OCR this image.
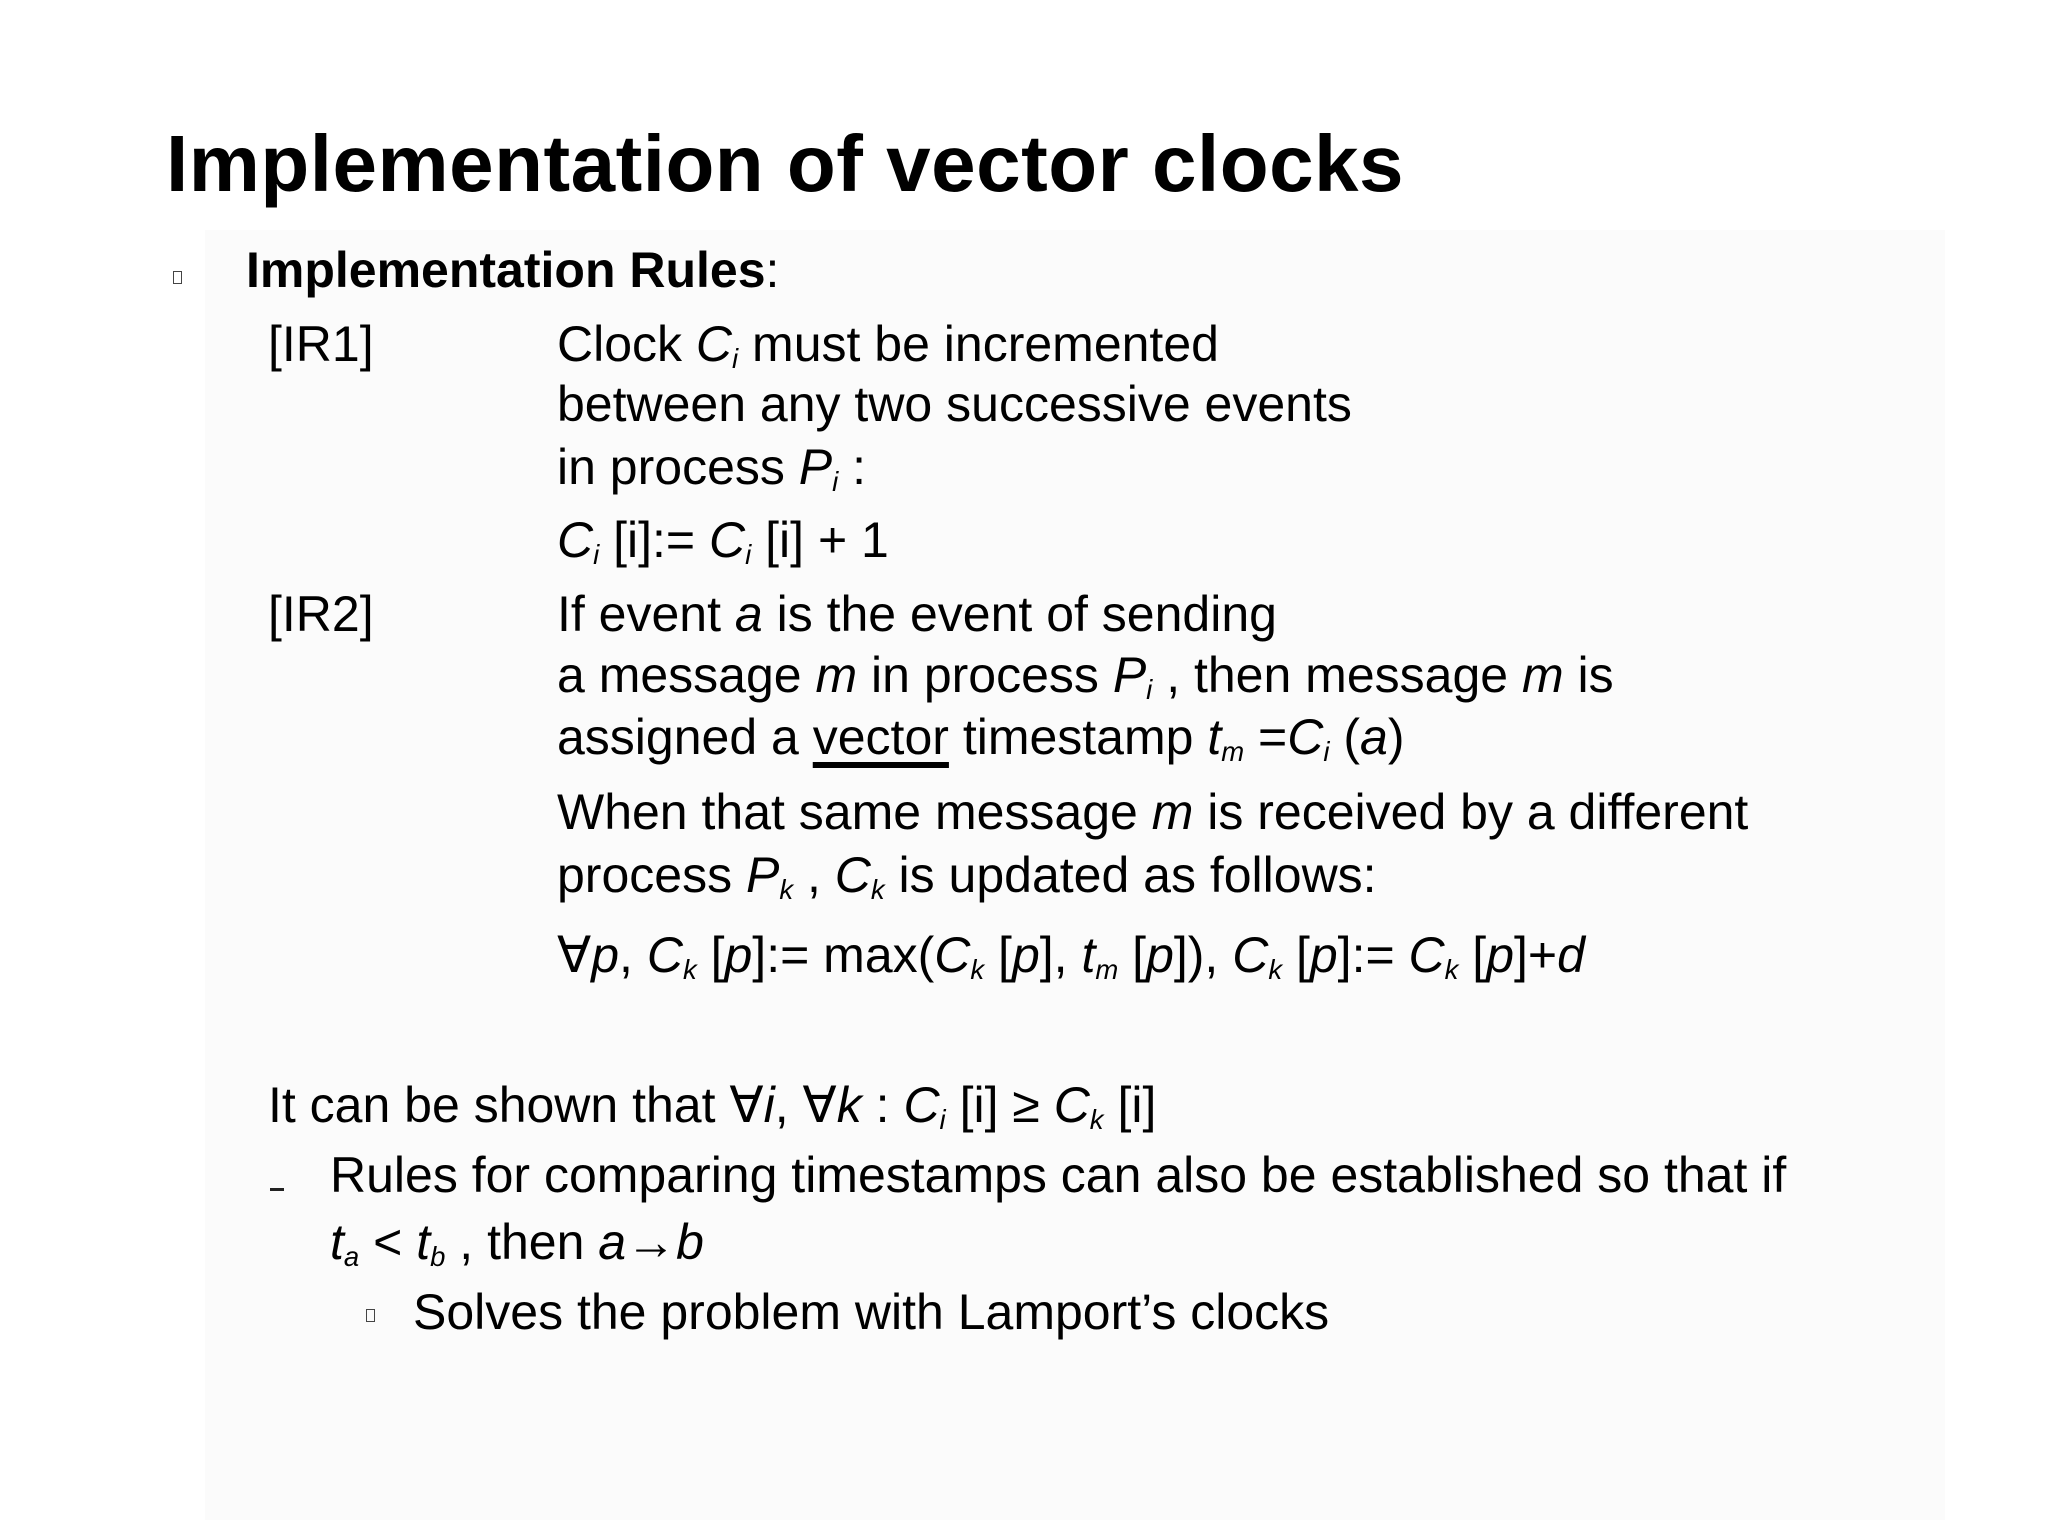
Implementation of vector clocks
Implementation Rules:
[IR1]	Clock $C_i$ must be incremented
between any two successive events
in process $P_i$ :
$C_i$ [i]:= $C_i$ [i] + 1
[IR2]	If event a is the event of sending
a message m in process $P_i$ , then message m is
assigned a vector timestamp $t_m =C_i$ (a)
When that same message m is received by a different
process $P_k$ , $C_k$ is updated as follows:
∀p, $C_k$ [p]:= $\max(C_k$ [p], $t_m$ [p]), $C_k$ [p]:= $C_k$ [p]+d
It can be shown that ∀i, ∀k : $C_i$ $[i] \ge C_k$ [i]
Rules for comparing timestamps can also be established so that if
$t_a < t_b$ , then a→b
Solves the problem with Lamport’s clocks
